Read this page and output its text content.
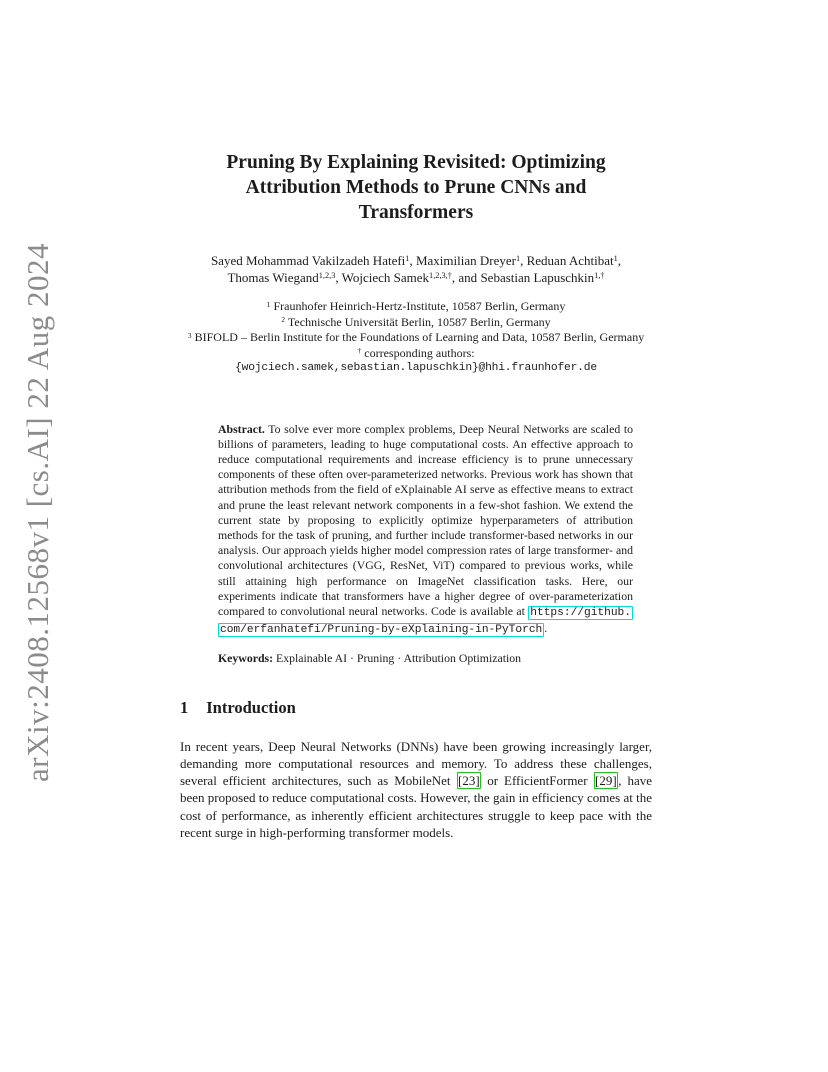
arXiv:2408.12568v1 [cs.AI] 22 Aug 2024
Pruning By Explaining Revisited: Optimizing Attribution Methods to Prune CNNs and Transformers
Sayed Mohammad Vakilzadeh Hatefi$^1$, Maximilian Dreyer$^1$, Reduan Achtibat$^1$,
Thomas Wiegand$^{1,2,3}$, Wojciech Samek$^{1,2,3,\dagger}$, and Sebastian Lapuschkin$^{1,\dagger}$
$^1$ Fraunhofer Heinrich-Hertz-Institute, 10587 Berlin, Germany
$^2$ Technische Universität Berlin, 10587 Berlin, Germany
$^3$ BIFOLD – Berlin Institute for the Foundations of Learning and Data, 10587 Berlin, Germany
† corresponding authors:
{wojciech.samek,sebastian.lapuschkin}@hhi.fraunhofer.de
Abstract. To solve ever more complex problems, Deep Neural Networks are scaled to billions of parameters, leading to huge computational costs. An effective approach to reduce computational requirements and increase efficiency is to prune unnecessary components of these often over-parameterized networks. Previous work has shown that attribution methods from the field of eXplainable AI serve as effective means to extract and prune the least relevant network components in a few-shot fashion. We extend the current state by proposing to explicitly optimize hyperparameters of attribution methods for the task of pruning, and further include transformer-based networks in our analysis. Our approach yields higher model compression rates of large transformer- and convolutional architectures (VGG, ResNet, ViT) compared to previous works, while still attaining high performance on ImageNet classification tasks. Here, our experiments indicate that transformers have a higher degree of over-parameterization compared to convolutional neural networks. Code is available at https://github.com/erfanhatefi/Pruning-by-eXplaining-in-PyTorch .
Keywords: Explainable AI · Pruning · Attribution Optimization
1 Introduction
In recent years, Deep Neural Networks (DNNs) have been growing increasingly larger, demanding more computational resources and memory. To address these challenges, several efficient architectures, such as MobileNet [23] or EfficientFormer [29] , have been proposed to reduce computational costs. However, the gain in efficiency comes at the cost of performance, as inherently efficient architectures struggle to keep pace with the recent surge in high-performing transformer models.
